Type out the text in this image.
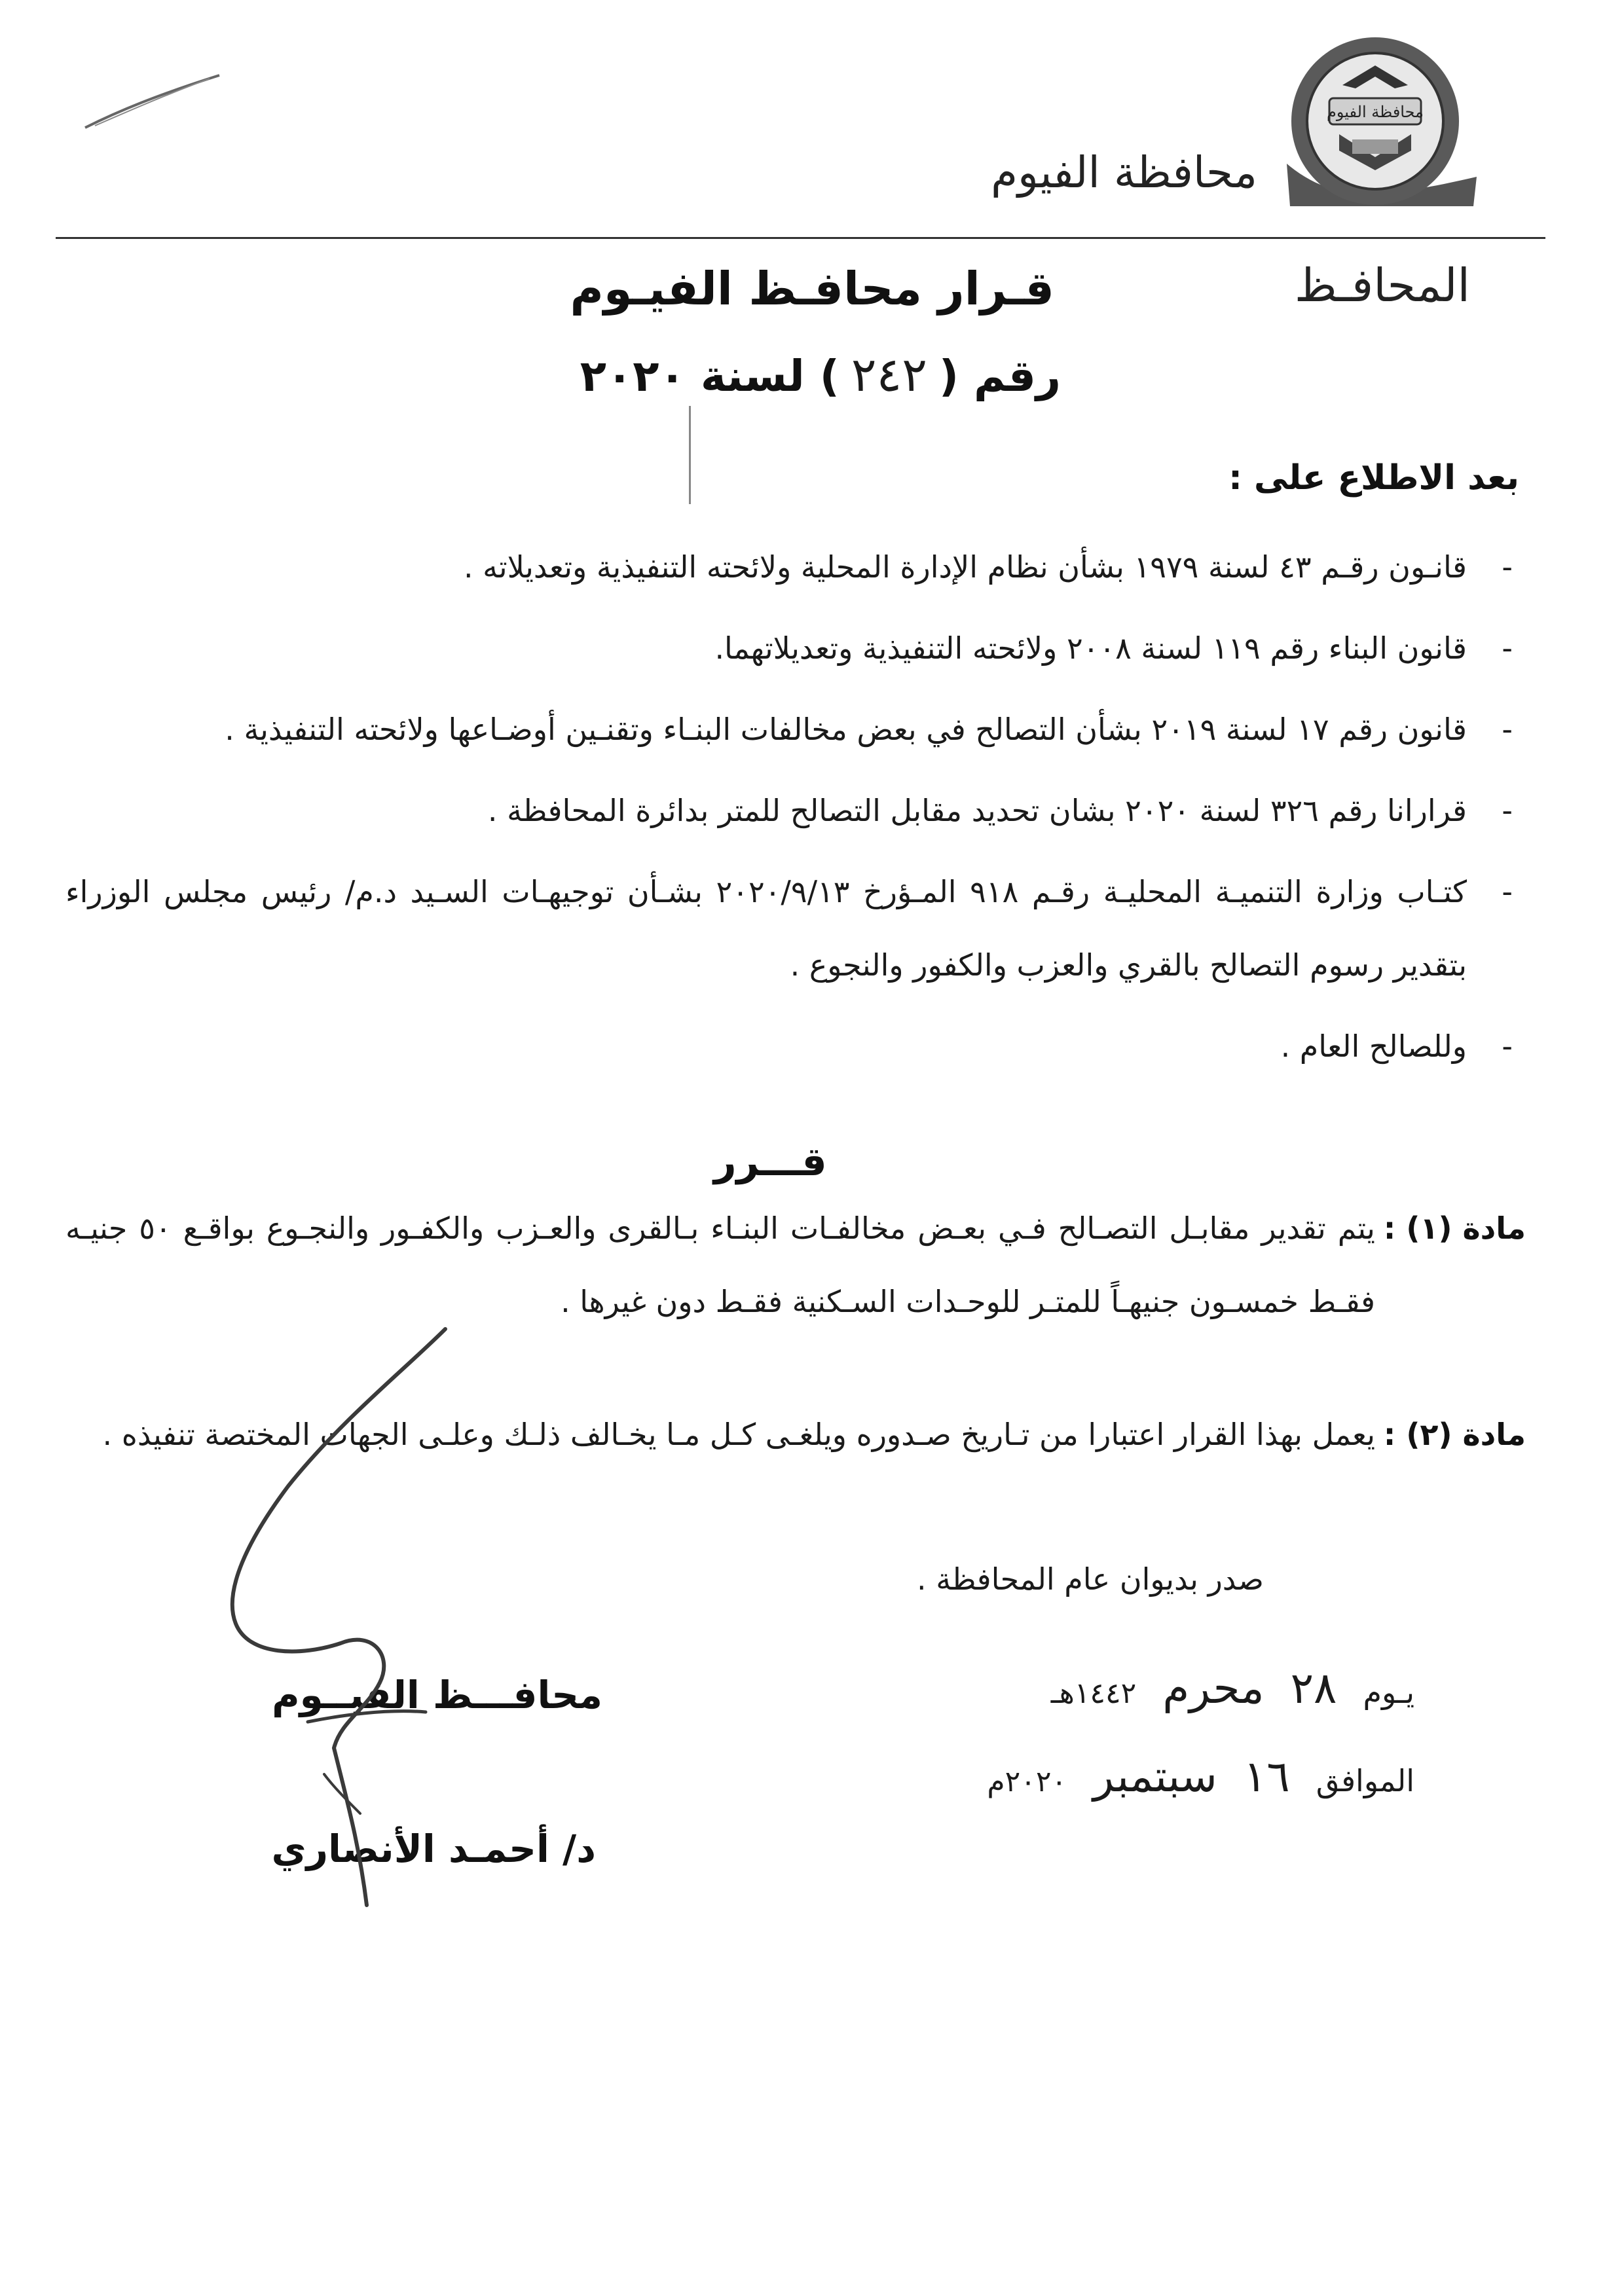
محافظة الفيوم
محافظة الفيوم
المحافـظ
قـرار محافـظ الفيـوم
رقم (
٢٤٢
) لسنة ٢٠٢٠
بعد الاطلاع على :
-
قانـون رقـم ٤٣ لسنة ١٩٧٩ بشأن نظام الإدارة المحلية ولائحته التنفيذية وتعديلاته .
-
قانون البناء رقم ١١٩ لسنة ٢٠٠٨ ولائحته التنفيذية وتعديلاتهما.
-
قانون رقم ١٧ لسنة ٢٠١٩ بشأن التصالح في بعض مخالفات البنـاء وتقنـين أوضـاعها ولائحته التنفيذية .
-
قرارانا رقم ٣٢٦ لسنة ٢٠٢٠ بشان تحديد مقابل التصالح للمتر بدائرة المحافظة .
-
كتـاب وزارة التنميـة المحليـة رقـم ٩١٨ المـؤرخ ٢٠٢٠/٩/١٣ بشـأن توجيهـات السـيد د.م/ رئيس مجلس الوزراء بتقدير رسوم التصالح بالقري والعزب والكفور والنجوع .
-
وللصالح العام .
قـــرر
مادة (١) :
يتم تقدير مقابـل التصـالح فـي بعـض مخالفـات البنـاء بـالقرى والعـزب والكفـور والنجـوع بواقـع ٥٠ جنيـه فقـط خمسـون جنيهـاً للمتـر للوحـدات السـكنية فقـط دون غيرها .
مادة (٢) :
يعمل بهذا القرار اعتبارا من تـاريخ صـدوره ويلغـى كـل مـا يخـالف ذلـك وعلـى الجهات المختصة تنفيذه .
صدر بديوان عام المحافظة .
يـوم
٢٨
محرم
١٤٤٢هـ
الموافق
١٦
سبتمبر
٢٠٢٠م
محافـــظ الفيــوم
د/ أحمـد الأنصاري
